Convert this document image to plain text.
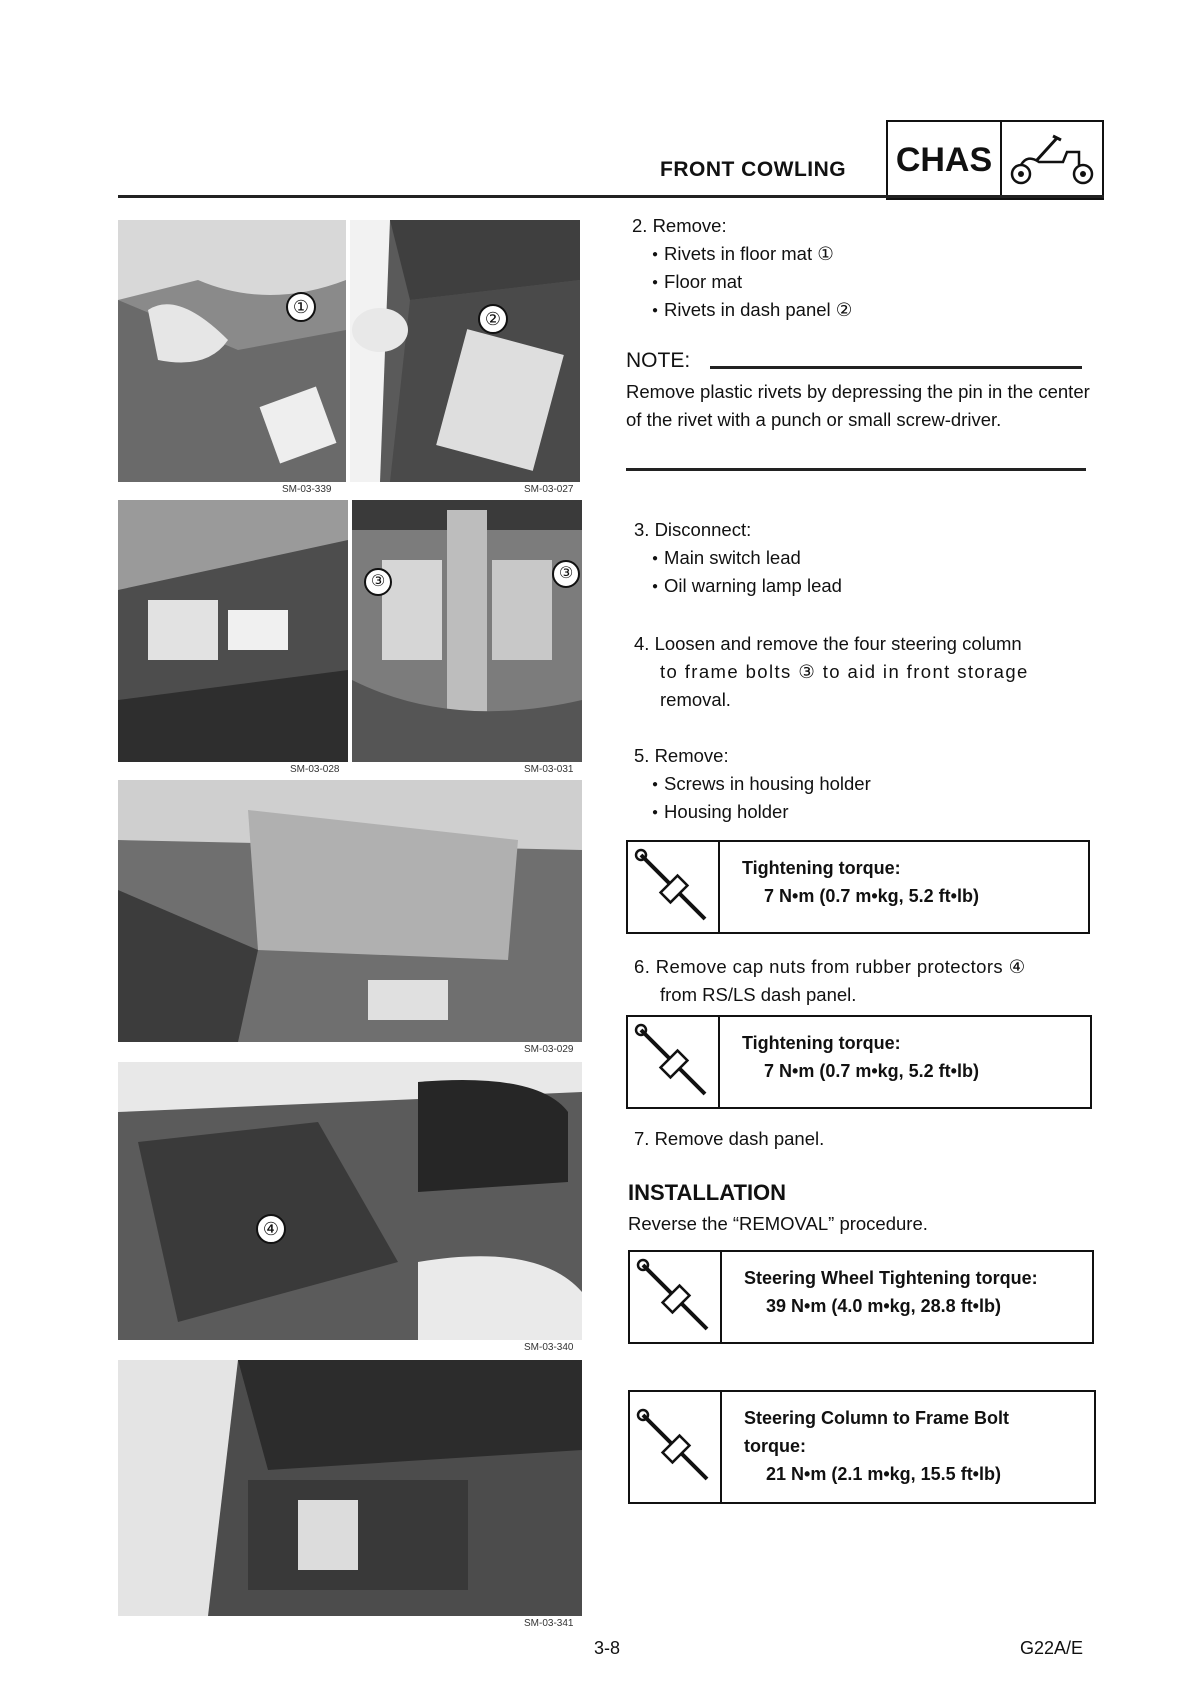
FRONT COWLING CHAS
SM-03-339	SM-03-027
SM-03-028	SM-03-031
SM-03-029
SM-03-340
SM-03-341
①
②
③	③
④
2. Remove:
● Rivets in floor mat ①
● Floor mat
● Rivets in dash panel ②
NOTE:
Remove plastic rivets by depressing the pin in the center of the rivet with a punch or small screw-driver.
3. Disconnect:
● Main switch lead
● Oil warning lamp lead
4. Loosen and remove the four steering column
to frame bolts ③ to aid in front storage
removal.
5. Remove:
● Screws in housing holder
● Housing holder
Tightening torque:
7 N•m (0.7 m•kg, 5.2 ft•lb)
6. Remove cap nuts from rubber protectors ④
from RS/LS dash panel.
Tightening torque:
7 N•m (0.7 m•kg, 5.2 ft•lb)
7. Remove dash panel.
INSTALLATION
Reverse the “REMOVAL” procedure.
Steering Wheel Tightening torque:
39 N•m (4.0 m•kg, 28.8 ft•lb)
Steering Column to Frame Bolt
torque:
21 N•m (2.1 m•kg, 15.5 ft•lb)
3-8	G22A/E
